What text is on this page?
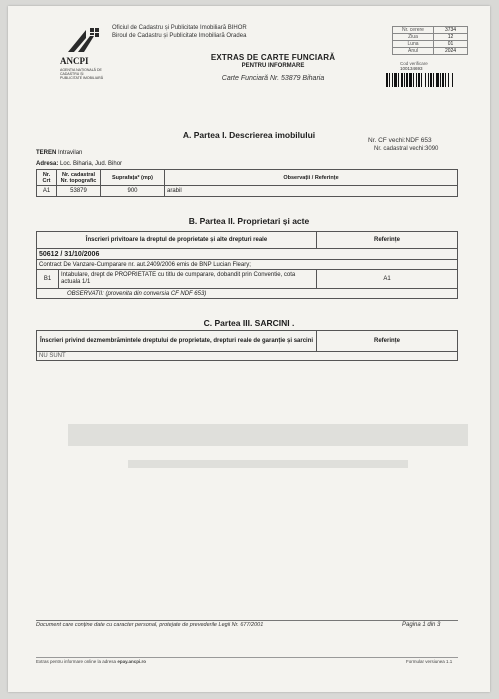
ANCPI
AGENȚIA NAȚIONALĂ DE CADASTRU ȘI PUBLICITATE IMOBILIARĂ
Oficiul de Cadastru și Publicitate Imobiliară BIHOR
Biroul de Cadastru și Publicitate Imobiliară Oradea
EXTRAS DE CARTE FUNCIARĂ
PENTRU INFORMARE
Carte Funciară Nr. 53879 Biharia
Nr. cerere	3734
Ziua	12
Luna	01
Anul	2024
Cod verificare
100134693
A. Partea I. Descrierea imobilului
Nr. CF vechi:NDF 653
Nr. cadastral vechi:3090
TEREN Intravilan
Adresa: Loc. Biharia, Jud. Bihor
Nr. Crt	Nr. cadastral Nr. topografic	Suprafața* (mp)	Observații / Referințe
A1	53879	900	arabil
B. Partea II. Proprietari și acte
Înscrieri privitoare la dreptul de proprietate și alte drepturi reale		Referințe
50612 / 31/10/2006		
Contract De Vanzare-Cumparare nr. aut.2409/2006 emis de BNP Lucian Fleary;		
B1	Intabulare, drept de PROPRIETATE cu titlu de cumparare, dobandit prin Conventie, cota actuala 1/1	A1
OBSERVATII: (provenita din conversia CF NDF 653)		
C. Partea III. SARCINI .
Înscrieri privind dezmembrămintele dreptului de proprietate, drepturi reale de garanție și sarcini	Referințe
NU SUNT
Document care conține date cu caracter personal, protejate de prevederile Legii Nr. 677/2001	Pagina 1 din 3
Extras pentru informare online la adresa epay.ancpi.ro	Formular versiunea 1.1
